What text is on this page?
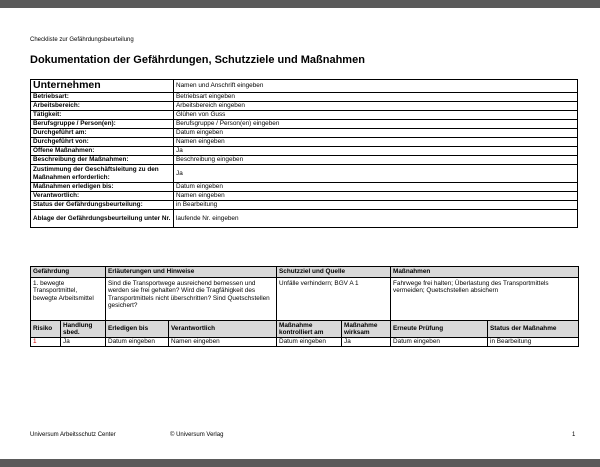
Checkliste zur Gefährdungsbeurteilung
Dokumentation der Gefährdungen, Schutzziele und Maßnahmen
Unternehmen	Namen und Anschrift eingeben
Betriebsart:	Betriebsart eingeben
Arbeitsbereich:	Arbeitsbereich eingeben
Tätigkeit:	Glühen von Guss
Berufsgruppe / Person(en):	Berufsgruppe / Person(en) eingeben
Durchgeführt am:	Datum eingeben
Durchgeführt von:	Namen eingeben
Offene Maßnahmen:	Ja
Beschreibung der Maßnahmen:	Beschreibung eingeben
Zustimmung der Geschäftsleitung zu den Maßnahmen erforderlich:	Ja
Maßnahmen erledigen bis:	Datum eingeben
Verantwortlich:	Namen eingeben
Status der Gefährdungsbeurteilung:	in Bearbeitung
Ablage der Gefährdungsbeurteilung unter Nr.	laufende Nr. eingeben
Gefährdung		Erläuterungen und Hinweise		Schutzziel und Quelle		Maßnahmen	
1. bewegte Transportmittel, bewegte Arbeitsmittel		Sind die Transportwege ausreichend bemessen und werden sie frei gehalten? Wird die Tragfähigkeit des Transportmittels nicht überschritten? Sind Quetschstellen gesichert?		Unfälle verhindern; BGV A 1		Fahrwege frei halten; Überlastung des Transportmittels vermeiden; Quetschstellen absichern	
Risiko	Handlung sbed.	Erledigen bis	Verantwortlich	Maßnahme kontrolliert am	Maßnahme wirksam	Erneute Prüfung	Status der Maßnahme
1	Ja	Datum eingeben	Namen eingeben	Datum eingeben	Ja	Datum eingeben	in Bearbeitung
Universum Arbeitsschutz Center	© Universum Verlag	1
